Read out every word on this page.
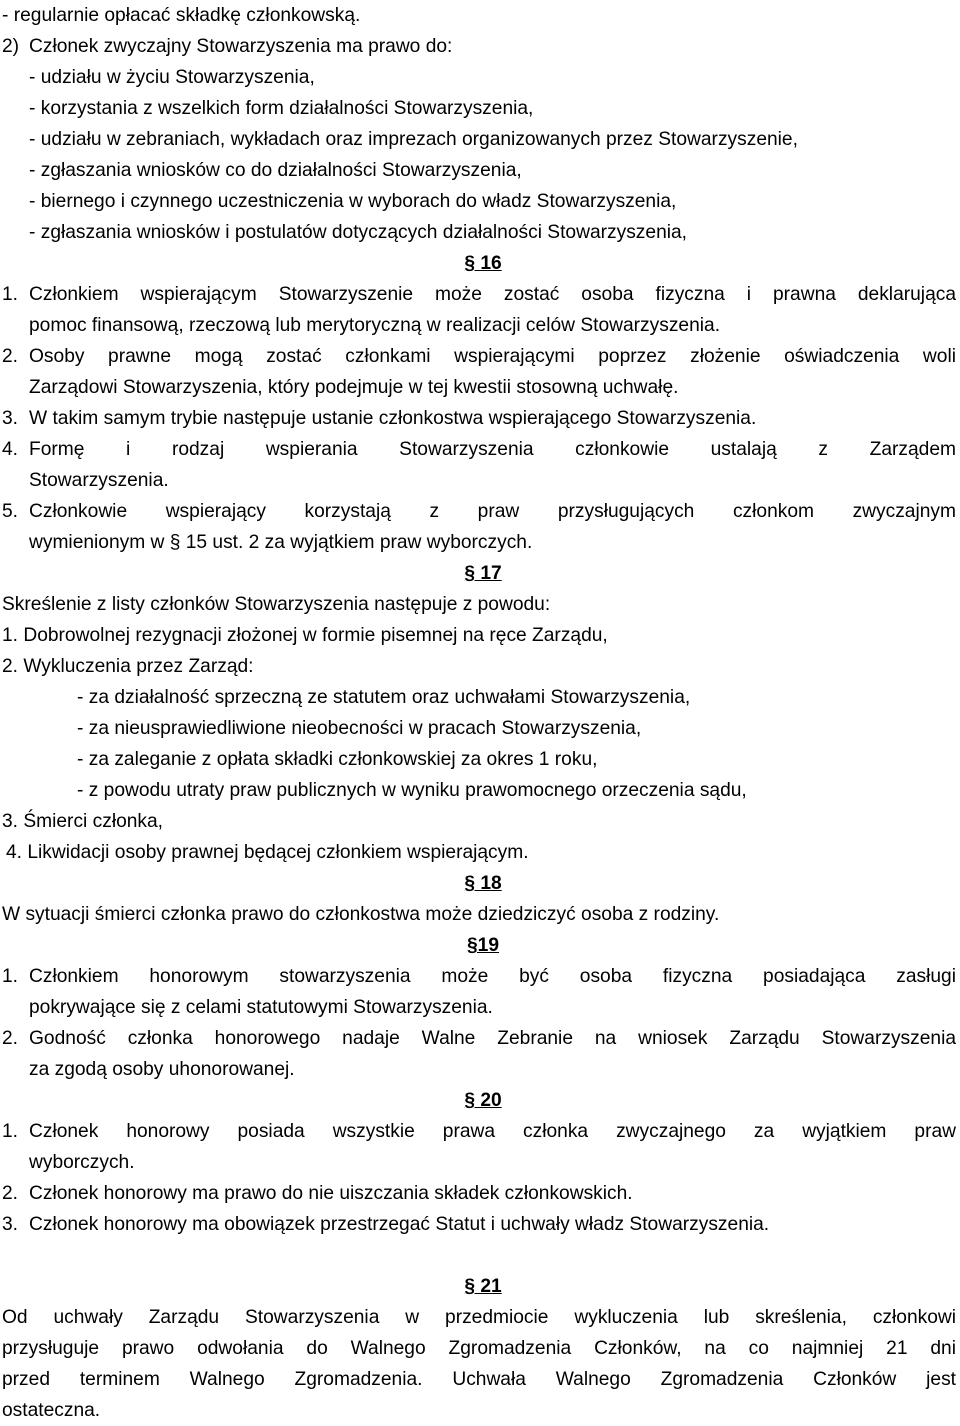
- regularnie opłacać składkę członkowską.
2) Członek zwyczajny Stowarzyszenia ma prawo do:
- udziału w życiu Stowarzyszenia,
- korzystania z wszelkich form działalności Stowarzyszenia,
- udziału w zebraniach, wykładach oraz imprezach organizowanych przez Stowarzyszenie,
- zgłaszania wniosków co do działalności Stowarzyszenia,
- biernego i czynnego uczestniczenia w wyborach do władz Stowarzyszenia,
- zgłaszania wniosków i postulatów dotyczących działalności Stowarzyszenia,
§ 16
1. Członkiem wspierającym Stowarzyszenie może zostać osoba fizyczna i prawna deklarująca
pomoc finansową, rzeczową lub merytoryczną w realizacji celów Stowarzyszenia.
2. Osoby prawne mogą zostać członkami wspierającymi poprzez złożenie oświadczenia woli
Zarządowi Stowarzyszenia, który podejmuje w tej kwestii stosowną uchwałę.
3. W takim samym trybie następuje ustanie członkostwa wspierającego Stowarzyszenia.
4. Formę i rodzaj wspierania Stowarzyszenia członkowie ustalają z Zarządem
Stowarzyszenia.
5. Członkowie wspierający korzystają z praw przysługujących członkom zwyczajnym
wymienionym w § 15 ust. 2 za wyjątkiem praw wyborczych.
§ 17
Skreślenie z listy członków Stowarzyszenia następuje z powodu:
1. Dobrowolnej rezygnacji złożonej w formie pisemnej na ręce Zarządu,
2. Wykluczenia przez Zarząd:
- za działalność sprzeczną ze statutem oraz uchwałami Stowarzyszenia,
- za nieusprawiedliwione nieobecności w pracach Stowarzyszenia,
- za zaleganie z opłata składki członkowskiej za okres 1 roku,
- z powodu utraty praw publicznych w wyniku prawomocnego orzeczenia sądu,
3. Śmierci członka,
4. Likwidacji osoby prawnej będącej członkiem wspierającym.
§ 18
W sytuacji śmierci członka prawo do członkostwa może dziedziczyć osoba z rodziny.
§19
1. Członkiem honorowym stowarzyszenia może być osoba fizyczna posiadająca zasługi
pokrywające się z celami statutowymi Stowarzyszenia.
2. Godność członka honorowego nadaje Walne Zebranie na wniosek Zarządu Stowarzyszenia
za zgodą osoby uhonorowanej.
§ 20
1. Członek honorowy posiada wszystkie prawa członka zwyczajnego za wyjątkiem praw
wyborczych.
2. Członek honorowy ma prawo do nie uiszczania składek członkowskich.
3. Członek honorowy ma obowiązek przestrzegać Statut i uchwały władz Stowarzyszenia.
§ 21
Od uchwały Zarządu Stowarzyszenia w przedmiocie wykluczenia lub skreślenia, członkowi
przysługuje prawo odwołania do Walnego Zgromadzenia Członków, na co najmniej 21 dni
przed terminem Walnego Zgromadzenia. Uchwała Walnego Zgromadzenia Członków jest
ostateczna.
